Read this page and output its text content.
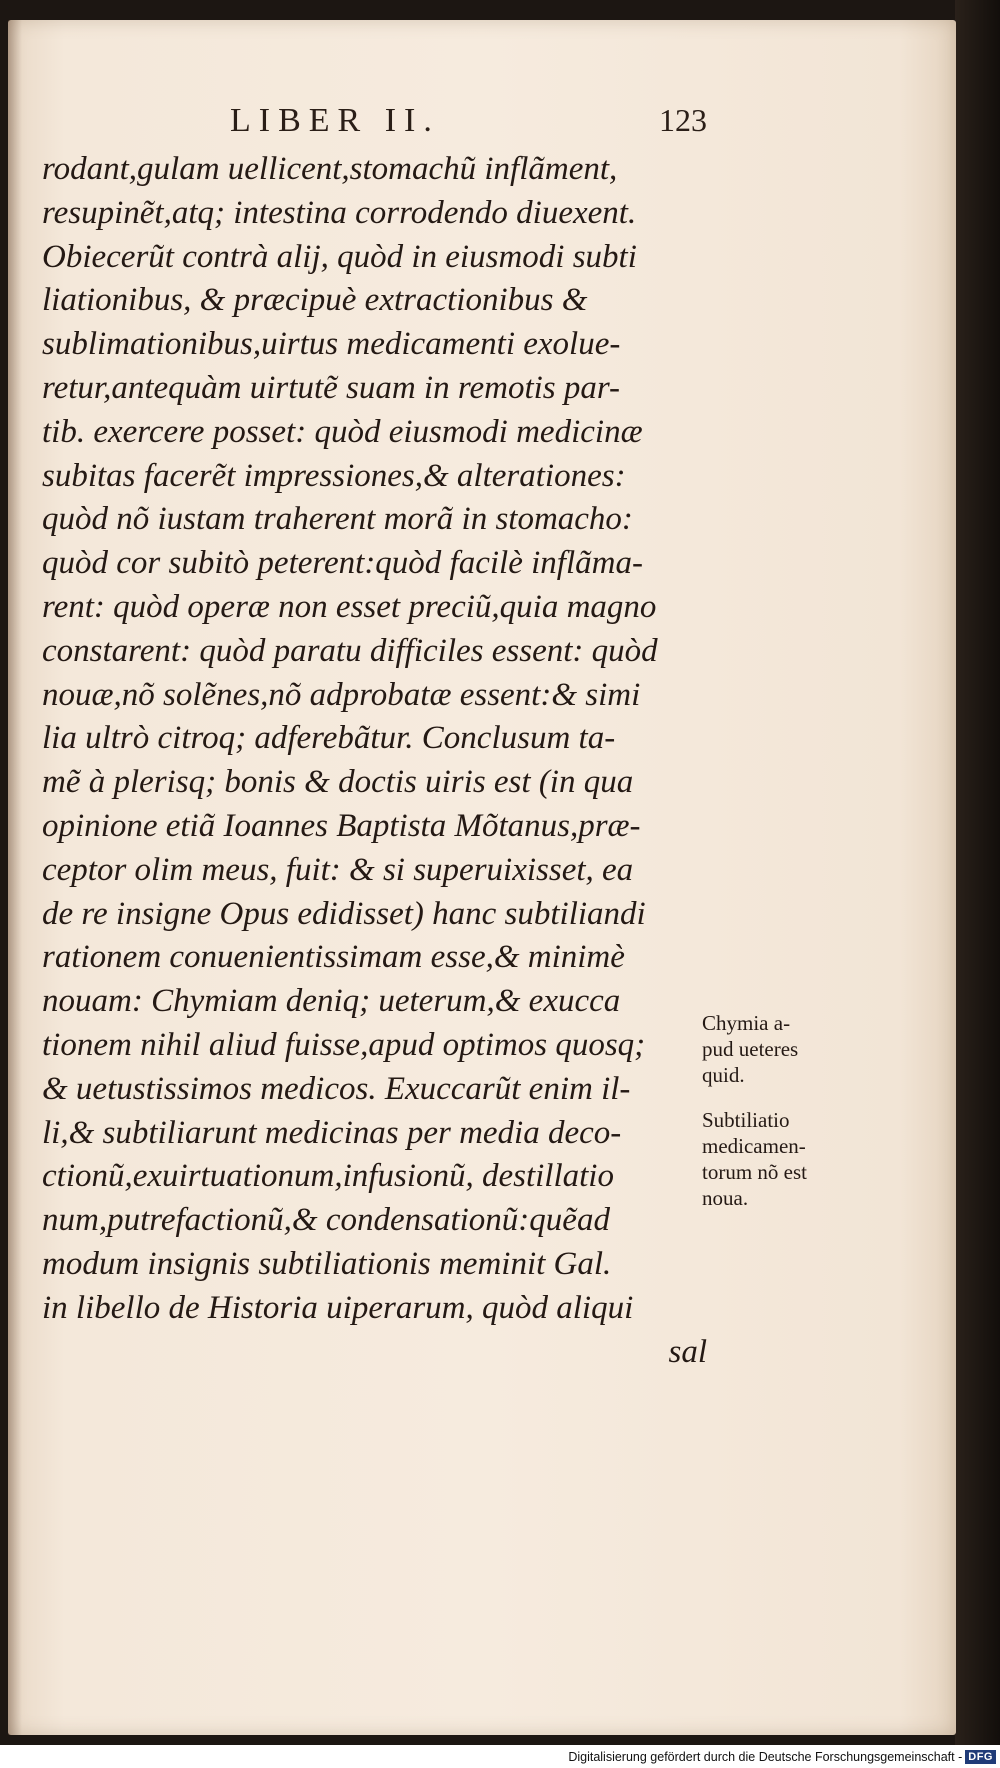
LIBER II.	123
rodant,gulam uellicent,stomachũ inflãment,
resupinẽt,atq; intestina corrodendo diuexent.
Obiecerũt contrà alij, quòd in eiusmodi subti
liationibus, & præcipuè extractionibus &
sublimationibus,uirtus medicamenti exolue-
retur,antequàm uirtutẽ suam in remotis par-
tib. exercere posset: quòd eiusmodi medicinæ
subitas facerẽt impressiones,& alterationes:
quòd nõ iustam traherent morã in stomacho:
quòd cor subitò peterent:quòd facilè inflãma-
rent: quòd operæ non esset preciũ,quia magno
constarent: quòd paratu difficiles essent: quòd
nouæ,nõ solẽnes,nõ adprobatæ essent:& simi
lia ultrò citroq; adferebãtur. Conclusum ta-
mẽ à plerisq; bonis & doctis uiris est (in qua
opinione etiã Ioannes Baptista Mõtanus,præ-
ceptor olim meus, fuit: & si superuixisset, ea
de re insigne Opus edidisset) hanc subtiliandi
rationem conuenientissimam esse,& minimè
nouam: Chymiam deniq; ueterum,& exucca
tionem nihil aliud fuisse,apud optimos quosq;
& uetustissimos medicos. Exuccarũt enim il-
li,& subtiliarunt medicinas per media deco-
ctionũ,exuirtuationum,infusionũ, destillatio
num,putrefactionũ,& condensationũ:quẽad
modum insignis subtiliationis meminit Gal.
in libello de Historia uiperarum, quòd aliqui
sal
Chymia a-
pud ueteres
quid.
Subtiliatio
medicamen-
torum nõ est
noua.
Digitalisierung gefördert durch die Deutsche Forschungsgemeinschaft - DFG
